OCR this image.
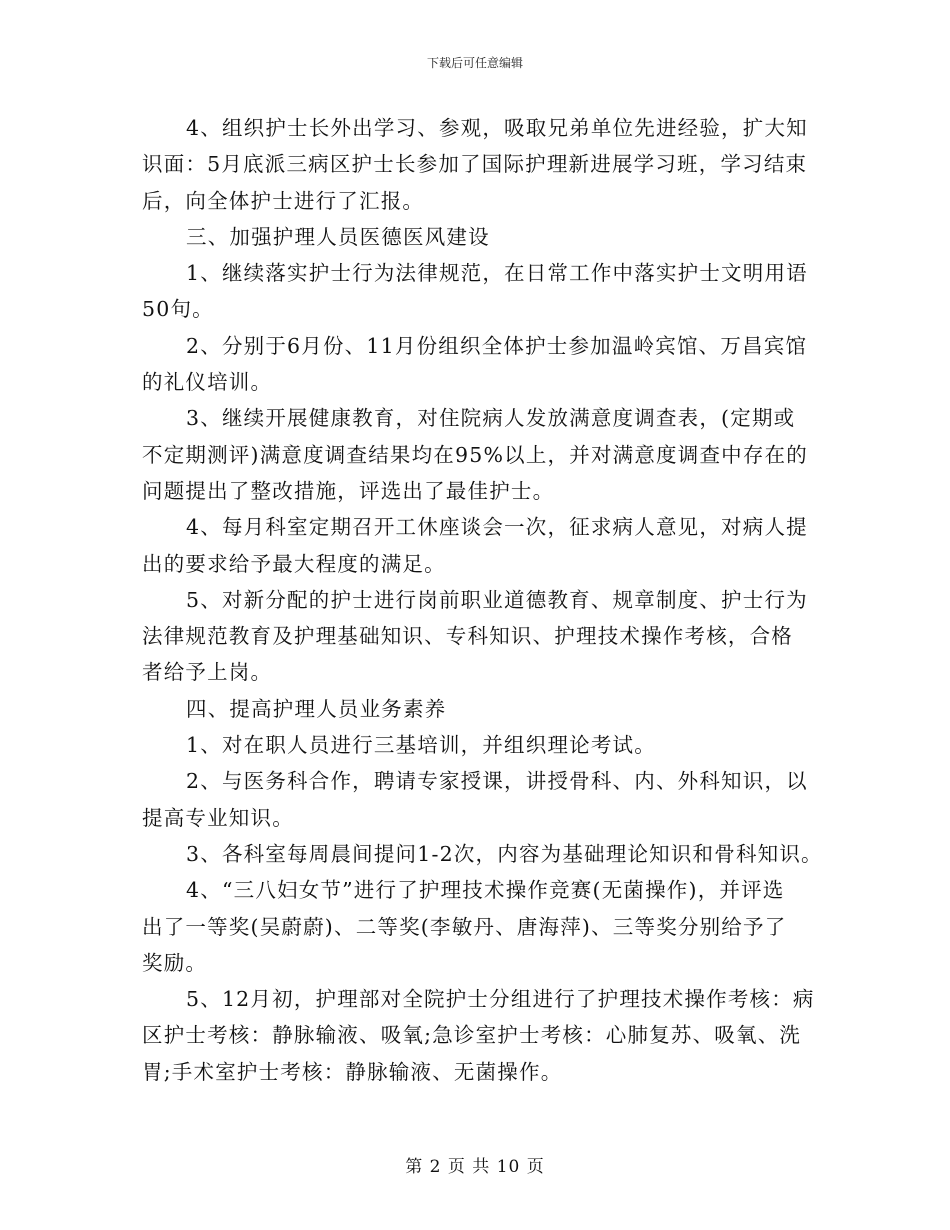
下载后可任意编辑
4、组织护士长外出学习、参观，吸取兄弟单位先进经验，扩大知
识面：5月底派三病区护士长参加了国际护理新进展学习班，学习结束
后，向全体护士进行了汇报。
三、加强护理人员医德医风建设
1、继续落实护士行为法律规范，在日常工作中落实护士文明用语
50句。
2、分别于6月份、11月份组织全体护士参加温岭宾馆、万昌宾馆
的礼仪培训。
3、继续开展健康教育，对住院病人发放满意度调查表，(定期或
不定期测评)满意度调查结果均在95%以上，并对满意度调查中存在的
问题提出了整改措施，评选出了最佳护士。
4、每月科室定期召开工休座谈会一次，征求病人意见，对病人提
出的要求给予最大程度的满足。
5、对新分配的护士进行岗前职业道德教育、规章制度、护士行为
法律规范教育及护理基础知识、专科知识、护理技术操作考核，合格
者给予上岗。
四、提高护理人员业务素养
1、对在职人员进行三基培训，并组织理论考试。
2、与医务科合作，聘请专家授课，讲授骨科、内、外科知识，以
提高专业知识。
3、各科室每周晨间提问1-2次，内容为基础理论知识和骨科知识。
4、“三八妇女节”进行了护理技术操作竞赛(无菌操作)，并评选
出了一等奖(吴蔚蔚)、二等奖(李敏丹、唐海萍)、三等奖分别给予了
奖励。
5、12月初，护理部对全院护士分组进行了护理技术操作考核：病
区护士考核：静脉输液、吸氧;急诊室护士考核：心肺复苏、吸氧、洗
胃;手术室护士考核：静脉输液、无菌操作。
第 2 页 共 10 页
